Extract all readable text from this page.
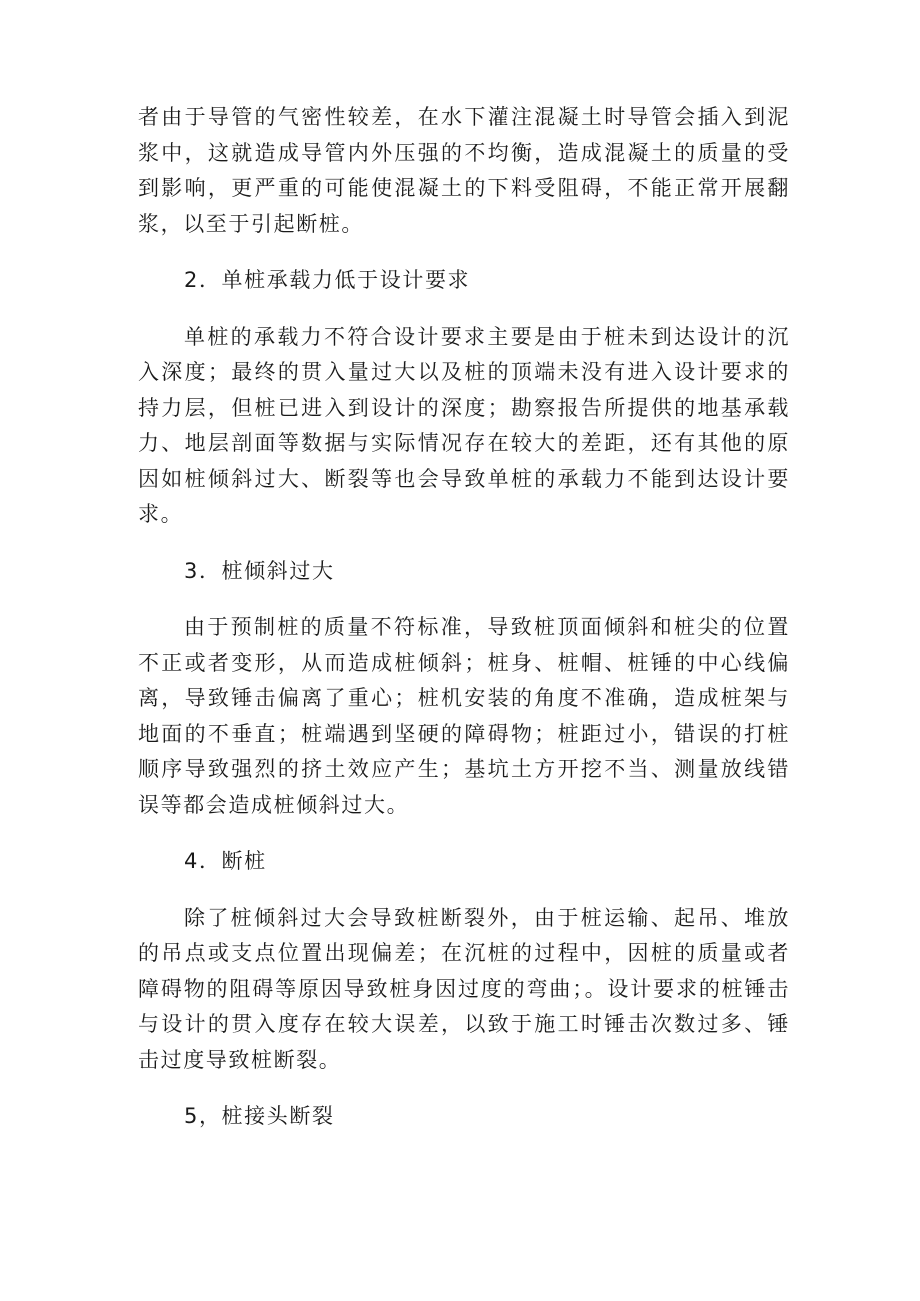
者由于导管的气密性较差，在水下灌注混凝土时导管会插入到泥浆中，这就造成导管内外压强的不均衡，造成混凝土的质量的受到影响，更严重的可能使混凝土的下料受阻碍，不能正常开展翻浆，以至于引起断桩。

2．单桩承载力低于设计要求

单桩的承载力不符合设计要求主要是由于桩未到达设计的沉入深度；最终的贯入量过大以及桩的顶端未没有进入设计要求的持力层，但桩已进入到设计的深度；勘察报告所提供的地基承载力、地层剖面等数据与实际情况存在较大的差距，还有其他的原因如桩倾斜过大、断裂等也会导致单桩的承载力不能到达设计要求。

3．桩倾斜过大

由于预制桩的质量不符标准，导致桩顶面倾斜和桩尖的位置不正或者变形，从而造成桩倾斜；桩身、桩帽、桩锤的中心线偏离，导致锤击偏离了重心；桩机安装的角度不准确，造成桩架与地面的不垂直；桩端遇到坚硬的障碍物；桩距过小，错误的打桩顺序导致强烈的挤土效应产生；基坑土方开挖不当、测量放线错误等都会造成桩倾斜过大。

4．断桩

除了桩倾斜过大会导致桩断裂外，由于桩运输、起吊、堆放的吊点或支点位置出现偏差；在沉桩的过程中，因桩的质量或者障碍物的阻碍等原因导致桩身因过度的弯曲；。设计要求的桩锤击与设计的贯入度存在较大误差，以致于施工时锤击次数过多、锤击过度导致桩断裂。

5，桩接头断裂
